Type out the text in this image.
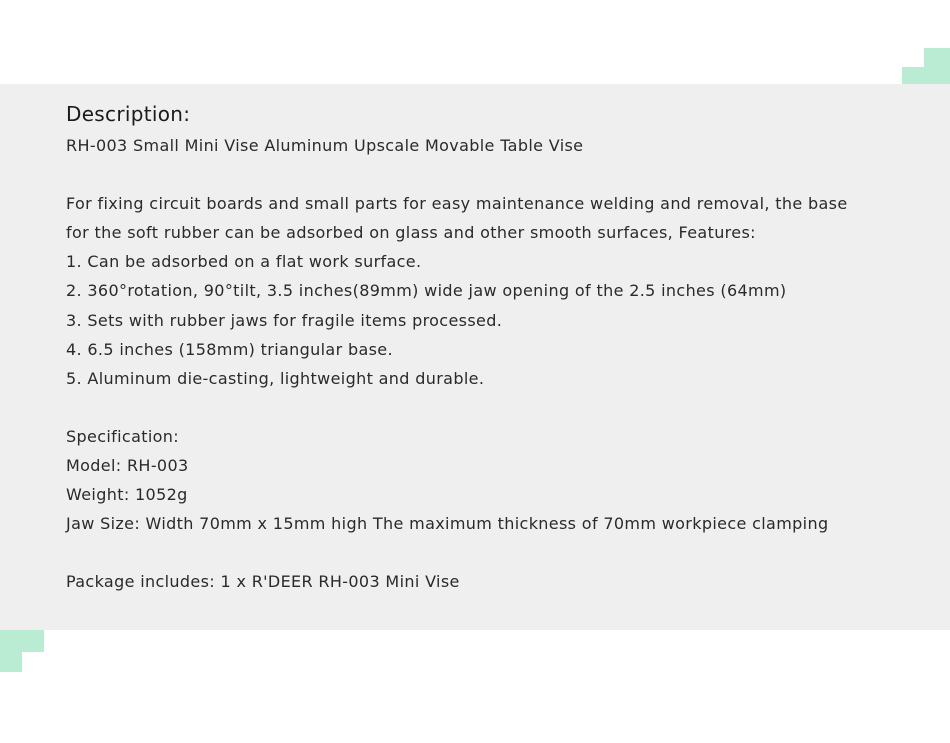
Description:
RH-003 Small Mini Vise Aluminum Upscale Movable Table Vise
For fixing circuit boards and small parts for easy maintenance welding and removal, the base
for the soft rubber can be adsorbed on glass and other smooth surfaces, Features:
1. Can be adsorbed on a flat work surface.
2. 360°rotation, 90°tilt, 3.5 inches(89mm) wide jaw opening of the 2.5 inches (64mm)
3. Sets with rubber jaws for fragile items processed.
4. 6.5 inches (158mm) triangular base.
5. Aluminum die-casting, lightweight and durable.
Specification:
Model: RH-003
Weight: 1052g
Jaw Size: Width 70mm x 15mm high The maximum thickness of 70mm workpiece clamping
Package includes: 1 x R'DEER RH-003 Mini Vise
